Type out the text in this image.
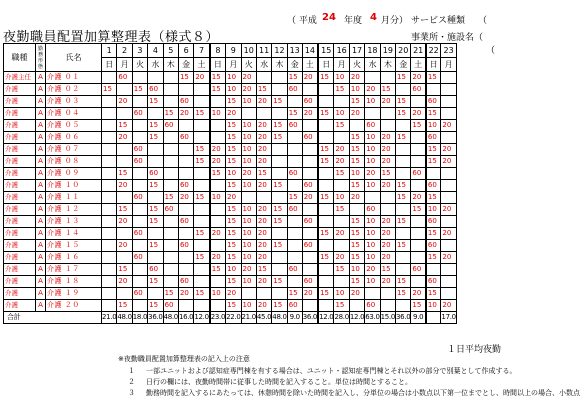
夜勤職員配置加算整理表（様式８）
（ 平成 24 年度 4 月分） サービス種類 （
事業所・施設名（
（
職種	勤務形態	氏名	1	2	3	4	5	6	7	8	9	10	11	12	13	14	15	16	17	18	19	20	21	22	23
			日	月	火	水	木	金	土	日	月	火	水	木	金	土	日	月	火	水	木	金	土	日	月
介護主任	A	介護 ０１		60				15	20	15	10	20			15	20	15	10	20			15	20	15	
介護	A	介護 ０２	15		15	60				15	10	20	15		60			15	10	20	15		60		
介護	A	介護 ０３		20		15		60			15	10	20	15		60			15	10	20	15		60	
介護	A	介護 ０４			60		15	20	15	10	20				15	20	15	10	20			15	20	15	
介護	A	介護 ０５		15		15	60				15	10	20	15	60			15		60			15	10	20
介護	A	介護 ０６		20		15		60			15	10	20	15		60			15	10	20	15		60	
介護	A	介護 ０７			60				15	20	15	10	20				15	20	15	10	20			15	20
介護	A	介護 ０８			60				15	20	15	10	20				15	20	15	10	20			15	20
介護	A	介護 ０９		15		60				15	10	20	15		60			15	10	20	15		60		
介護	A	介護 １０		20		15		60			15	10	20	15		60			15	10	20	15		60	
介護	A	介護 １１			60		15	20	15	10	20				15	20	15	10	20			15	20	15	
介護	A	介護 １２		15		15	60				15	10	20	15	60			15		60			15	10	20
介護	A	介護 １３		20		15		60			15	10	20	15		60			15	10	20	15		60	
介護	A	介護 １４			60				15	20	15	10	20				15	20	15	10	20			15	20
介護	A	介護 １５		20		15		60			15	10	20	15		60			15	10	20	15		60	
介護	A	介護 １６			60				15	20	15	10	20				15	20	15	10	20			15	20
介護	A	介護 １７		15		60				15	10	20	15		60			15	10	20	15		60		
介護	A	介護 １８		20		15		60			15	10	20	15		60			15	10	20	15		60	
介護	A	介護 １９			60		15	20	15	10	20				15	20	15	10	20			15	20	15	
介護	A	介護 ２０		15		15	60				15	10	20	15	60			15		60			15	10	20
合計			21.0	48.0	18.0	36.0	48.0	16.0	12.0	23.0	22.0	21.0	45.0	48.0	9.0	36.0	12.0	28.0	12.0	63.0	15.0	36.0	9.0		17.0
１日平均夜勤
※夜勤職員配置加算整理表の記入上の注意
１ 一部ユニットおよび認知症専門棟を有する場合は、ユニット・認知症専門棟とそれ以外の部分で別葉として作成する。
２ 日行の欄には、夜勤時間帯に従事した時間を記入すること。単位は時間とすること。
３ 勤務時間を記入するにあたっては、休憩時間を除いた時間を記入し、分単位の場合は小数点以下第一位までとし、時間以上の場合、小数点
